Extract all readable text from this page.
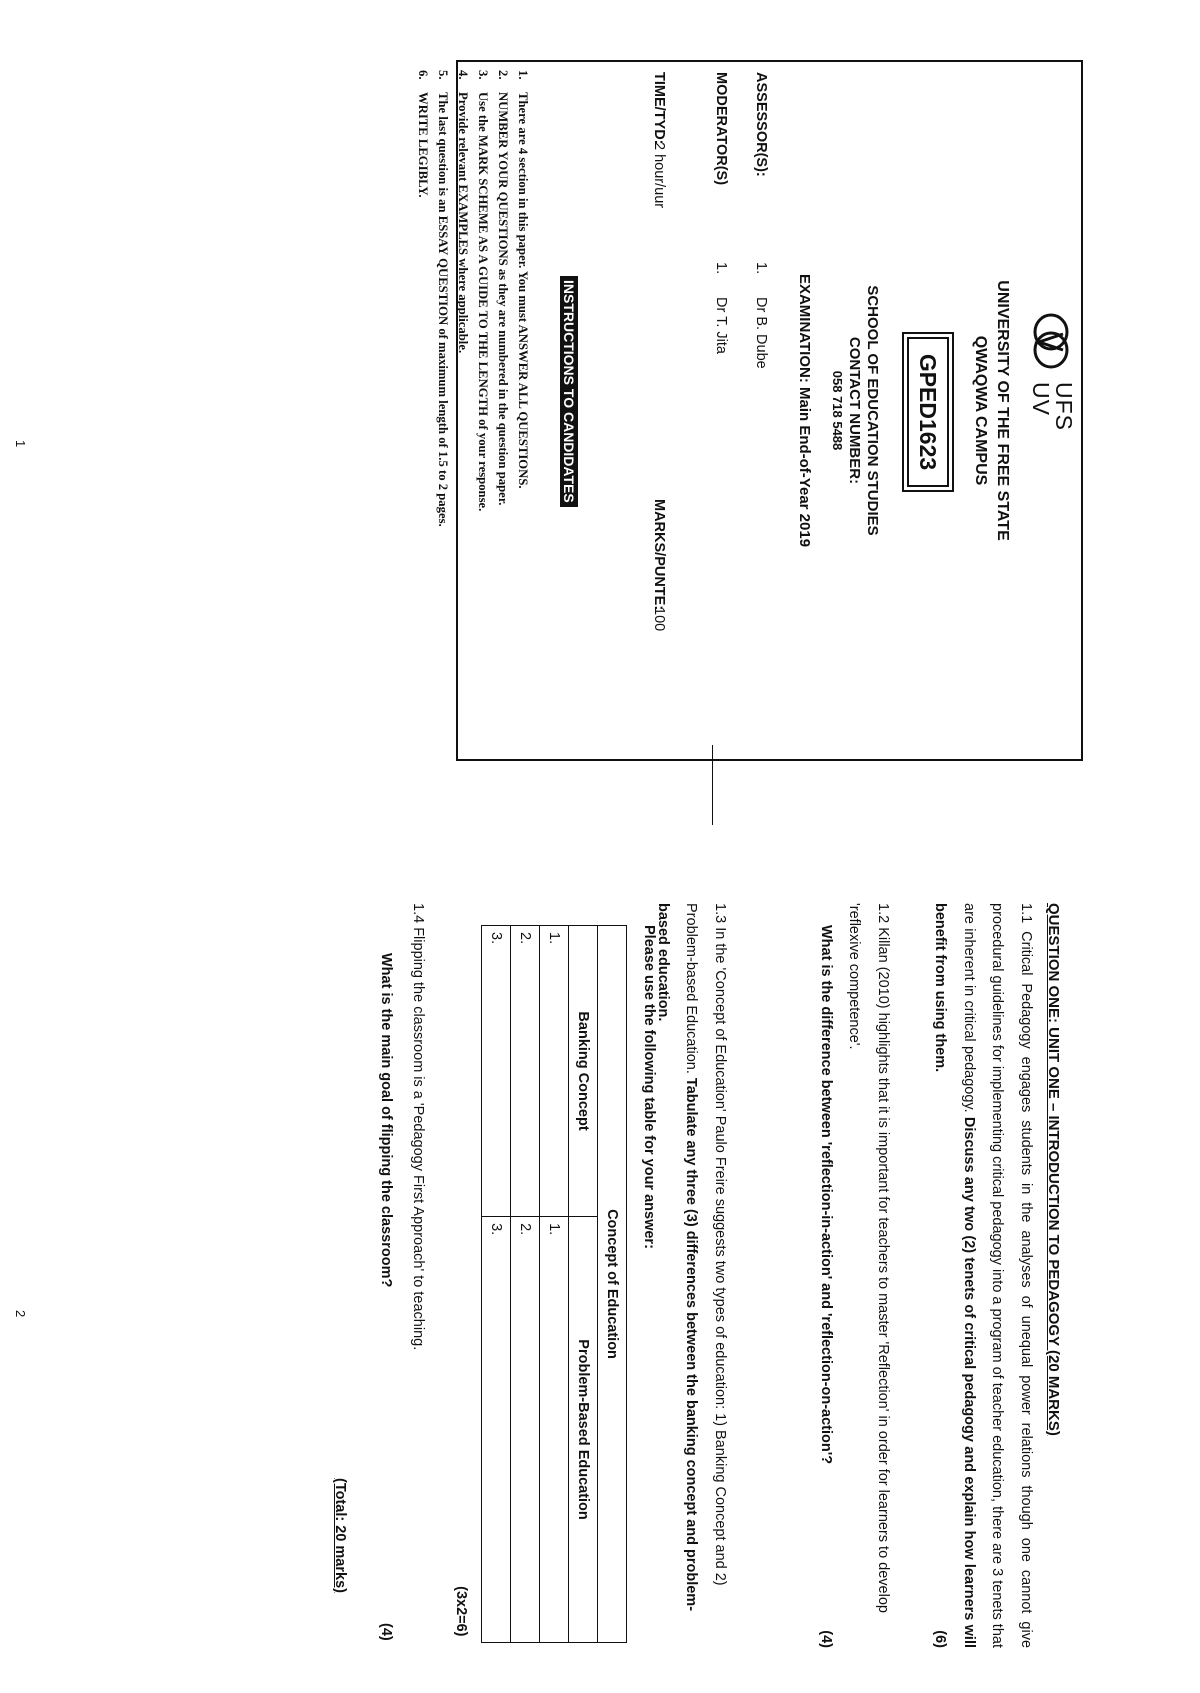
UFS
UV
UNIVERSITY OF THE FREE STATE
QWAQWA CAMPUS
GPED1623
SCHOOL OF EDUCATION STUDIES
CONTACT NUMBER:
058 718 5488
EXAMINATION: Main End-of-Year 2019
ASSESSOR(S):
1.
Dr B. Dube
MODERATOR(S)
1.
Dr T. Jita
TIME/TYD:
2 hour/uur
MARKS/PUNTE:
100
INSTRUCTIONS TO CANDIDATES
1.There are 4 section in this paper. You must ANSWER ALL QUESTIONS.
2.NUMBER YOUR QUESTIONS as they are numbered in the question paper.
3.Use the MARK SCHEME AS A GUIDE TO THE LENGTH of your response.
4.Provide relevant EXAMPLES where applicable.
5.The last question is an ESSAY QUESTION of maximum length of 1.5 to 2 pages.
6.WRITE LEGIBLY.
1
QUESTION ONE: UNIT ONE – INTRODUCTION TO PEDAGOGY (20 MARKS)
1.1 Critical Pedagogy engages students in the analyses of unequal power relations though one cannot give procedural guidelines for implementing critical pedagogy into a program of teacher education, there are 3 tenets that are inherent in critical pedagogy. Discuss any two (2) tenets of critical pedagogy and explain how learners will benefit from using them.
(6)
1.2 Killan (2010) highlights that it is important for teachers to master 'Reflection' in order for learners to develop 'reflexive competence'.
What is the difference between 'reflection-in-action' and 'reflection-on-action'?
(4)
1.3 In the 'Concept of Education' Paulo Freire suggests two types of education: 1) Banking Concept and 2) Problem-based Education. Tabulate any three (3) differences between the banking concept and problem-based education.
Please use the following table for your answer:
Concept of Education	
Banking Concept	Problem-Based Education
1.	1.
2.	2.
3.	3.
(3x2=6)	
1.4 Flipping the classroom is a 'Pedagogy First Approach' to teaching.
What is the main goal of flipping the classroom?
(4)
(Total: 20 marks)
2
